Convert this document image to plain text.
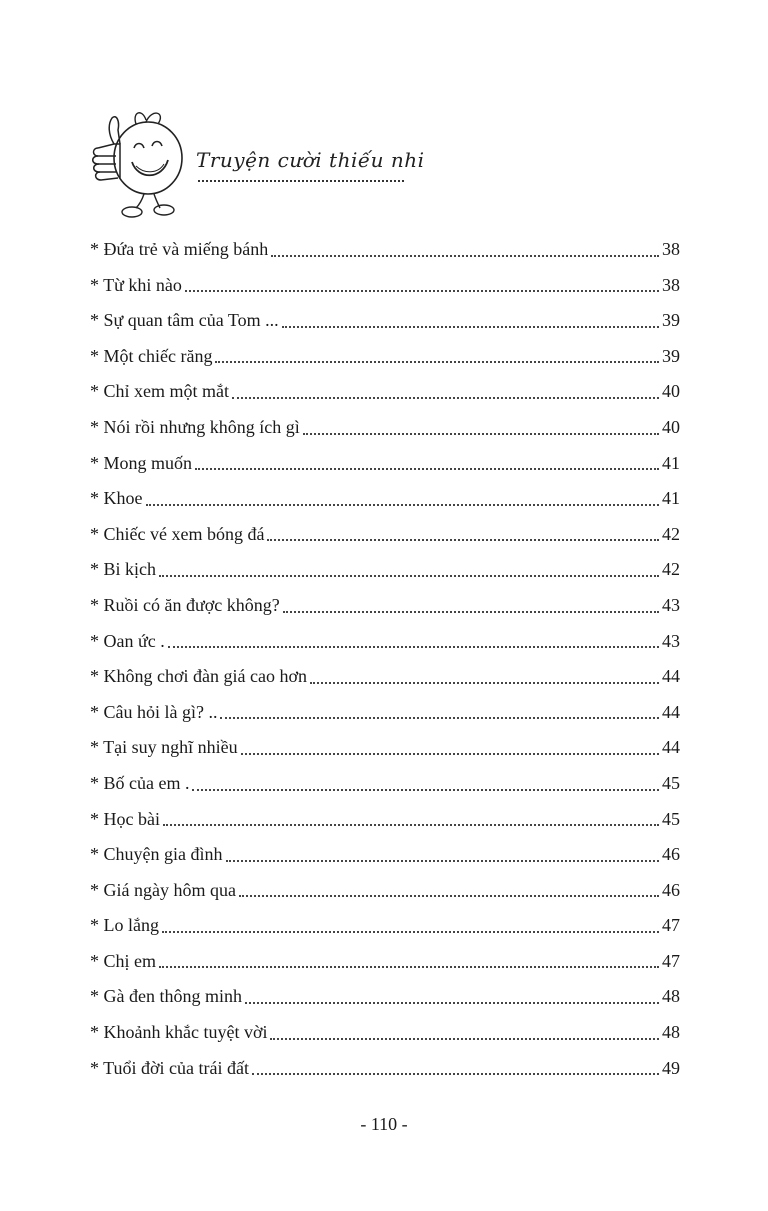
Truyện cười thiếu nhi
* Đứa trẻ và miếng bánh	38
* Từ khi nào	38
* Sự quan tâm của Tom ...	39
* Một chiếc răng	39
* Chỉ xem một mắt	40
* Nói rồi nhưng không ích gì	40
* Mong muốn	41
* Khoe	41
* Chiếc vé xem bóng đá	42
* Bi kịch	42
* Ruồi có ăn được không?	43
* Oan ức .	43
* Không chơi đàn giá cao hơn	44
* Câu hỏi là gì? ..	44
* Tại suy nghĩ nhiều	44
* Bố của em .	45
* Học bài	45
* Chuyện gia đình	46
* Giá ngày hôm qua	46
* Lo lắng	47
* Chị em	47
* Gà đen thông minh	48
* Khoảnh khắc tuyệt vời	48
* Tuổi đời của trái đất	49
- 110 -
